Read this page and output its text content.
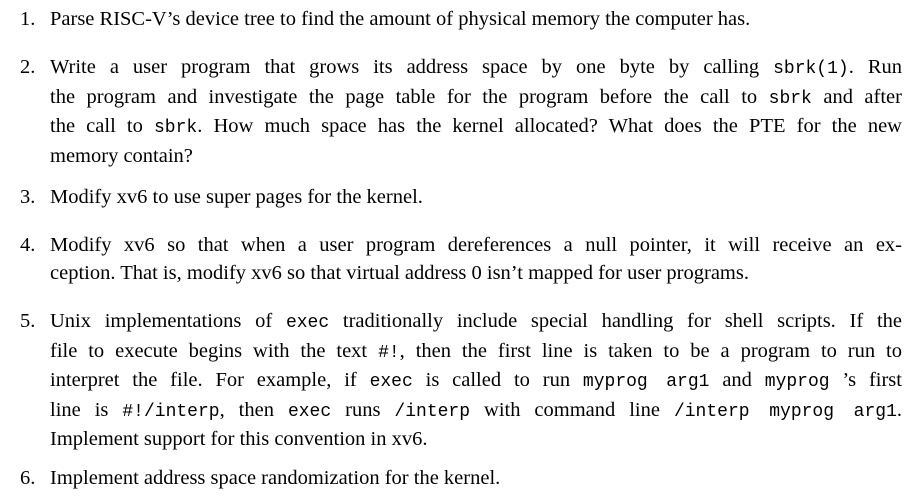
1. Parse RISC-V’s device tree to find the amount of physical memory the computer has.
2. Write a user program that grows its address space by one byte by calling sbrk(1). Run
the program and investigate the page table for the program before the call to sbrk and after
the call to sbrk. How much space has the kernel allocated? What does the PTE for the new
memory contain?
3. Modify xv6 to use super pages for the kernel.
4. Modify xv6 so that when a user program dereferences a null pointer, it will receive an ex-
ception. That is, modify xv6 so that virtual address 0 isn’t mapped for user programs.
5. Unix implementations of exec traditionally include special handling for shell scripts. If the
file to execute begins with the text #!, then the first line is taken to be a program to run to
interpret the file. For example, if exec is called to run myprog arg1 and myprog ’s first
line is #!/interp, then exec runs /interp with command line /interp myprog arg1.
Implement support for this convention in xv6.
6. Implement address space randomization for the kernel.
